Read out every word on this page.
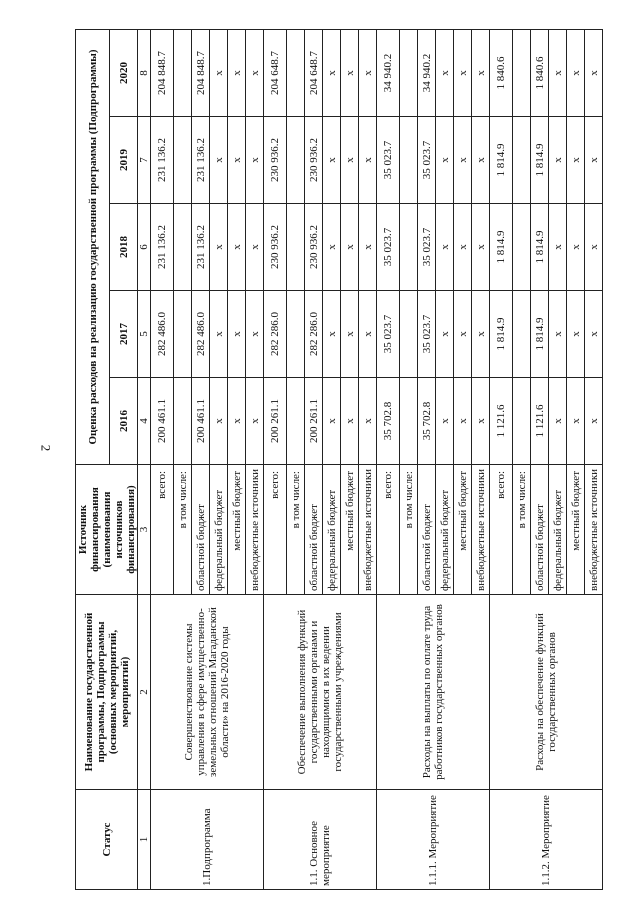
2
Статус	Наименование государственной программы, Подпрограммы (основных мероприятий, мероприятий)	Источник финансирования (наименования источников финансирования)	Оценка расходов на реализацию государственной программы (Подпрограммы)				
			2016	2017	2018	2019	2020
1	2	3	4	5	6	7	8
1.Подпрограмма	Совершенствование системы управления в сфере имущественно-земельных отношений Магаданской области» на 2016-2020 годы	всего:	200 461.1	282 486.0	231 136.2	231 136.2	204 848.7
		в том числе:					
		областной бюджет	200 461.1	282 486.0	231 136.2	231 136.2	204 848.7
		федеральный бюджет	x	x	x	x	x
		местный бюджет	x	x	x	x	x
		внебюджетные источники	x	x	x	x	x
1.1. Основное мероприятие	Обеспечение выполнения функций государственными органами и находящимися в их ведении государственными учреждениями	всего:	200 261.1	282 286.0	230 936.2	230 936.2	204 648.7
		в том числе:					
		областной бюджет	200 261.1	282 286.0	230 936.2	230 936.2	204 648.7
		федеральный бюджет	x	x	x	x	x
		местный бюджет	x	x	x	x	x
		внебюджетные источники	x	x	x	x	x
1.1.1. Мероприятие	Расходы на выплаты по оплате труда работников государственных органов	всего:	35 702.8	35 023.7	35 023.7	35 023.7	34 940.2
		в том числе:					
		областной бюджет	35 702.8	35 023.7	35 023.7	35 023.7	34 940.2
		федеральный бюджет	x	x	x	x	x
		местный бюджет	x	x	x	x	x
		внебюджетные источники	x	x	x	x	x
1.1.2. Мероприятие	Расходы на обеспечение функций государственных органов	всего:	1 121.6	1 814.9	1 814.9	1 814.9	1 840.6
		в том числе:					
		областной бюджет	1 121.6	1 814.9	1 814.9	1 814.9	1 840.6
		федеральный бюджет	x	x	x	x	x
		местный бюджет	x	x	x	x	x
		внебюджетные источники	x	x	x	x	x
